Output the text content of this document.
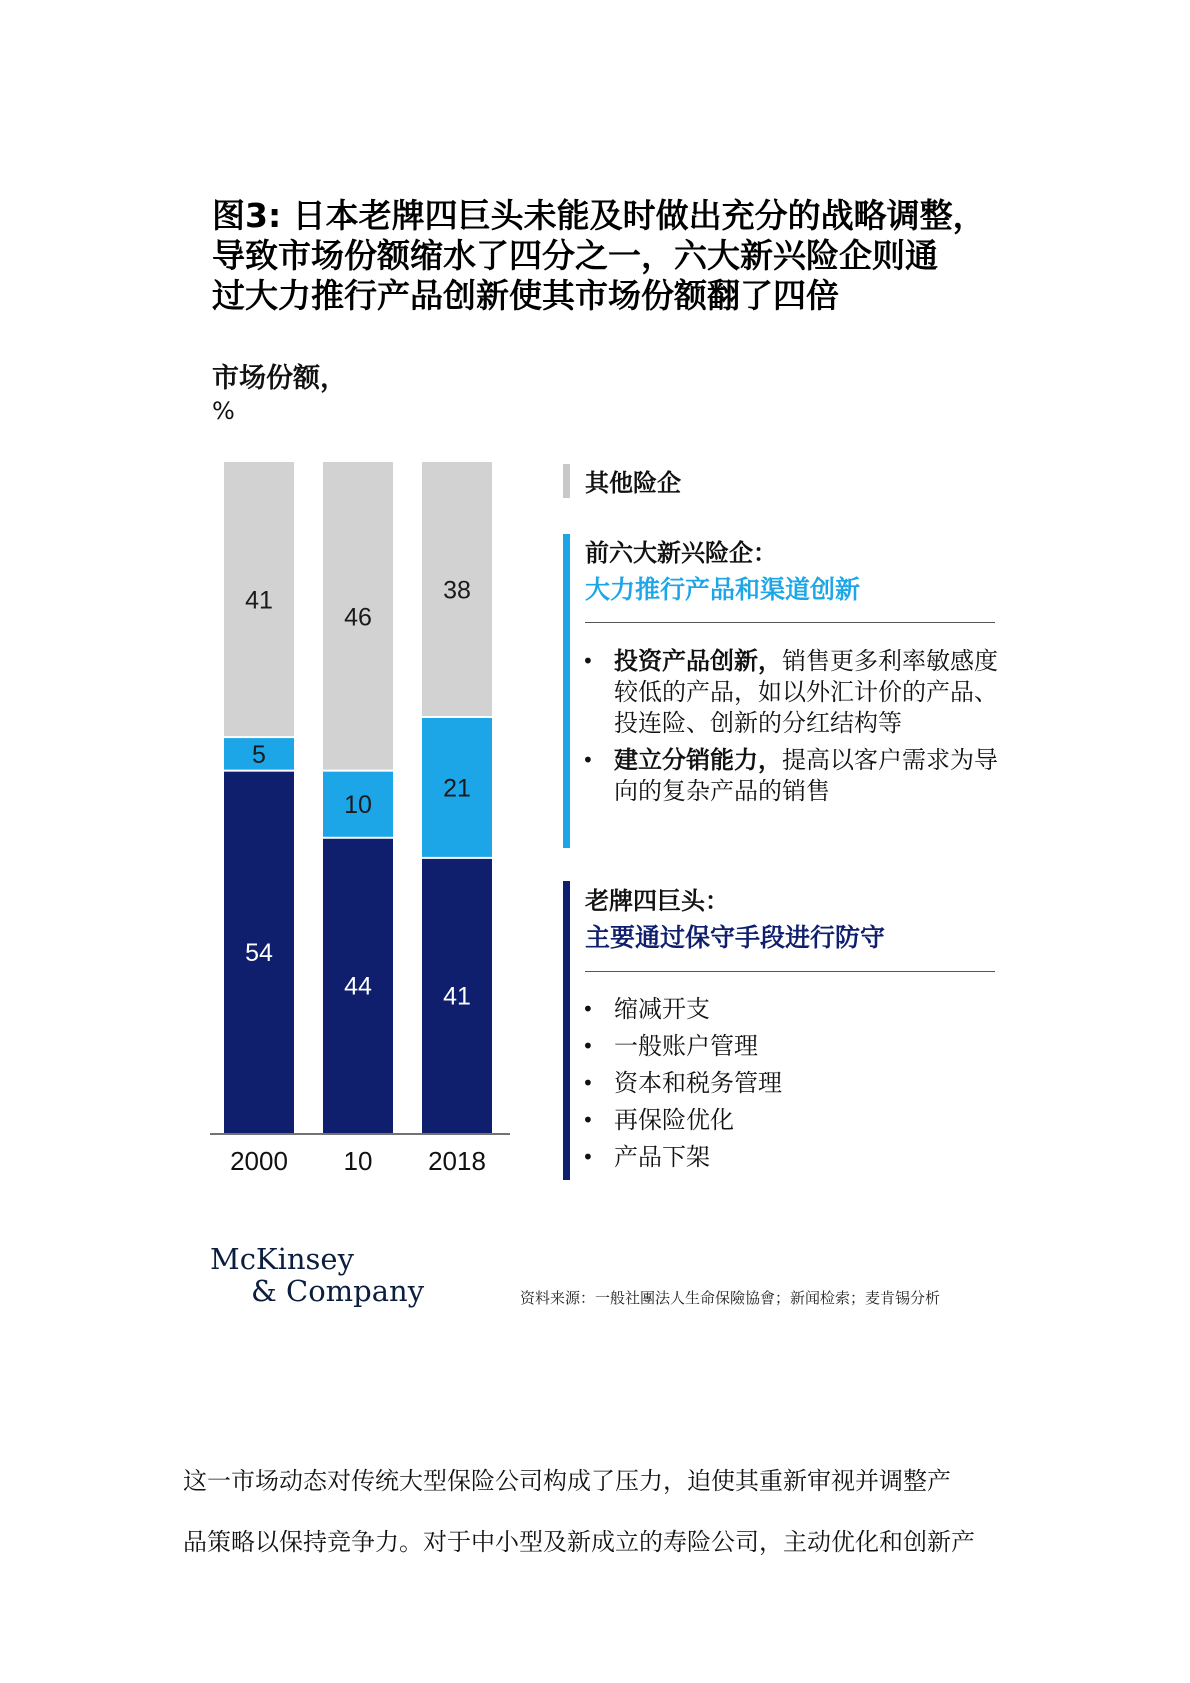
图3: 日本老牌四巨头未能及时做出充分的战略调整，
导致市场份额缩水了四分之一，六大新兴险企则通
过大力推行产品创新使其市场份额翻了四倍
市场份额，
%
54
5
41
44
10
46
41
21
38
2000 10 2018
其他险企
前六大新兴险企：
大力推行产品和渠道创新
• 投资产品创新，销售更多利率敏感度较低的产品，如以外汇计价的产品、投连险、创新的分红结构等
• 建立分销能力，提高以客户需求为导向的复杂产品的销售
老牌四巨头：
主要通过保守手段进行防守
• 缩减开支
• 一般账户管理
• 资本和税务管理
• 再保险优化
• 产品下架
McKinsey
& Company	资料来源：一般社團法人生命保險協會；新闻检索；麦肯锡分析
这一市场动态对传统大型保险公司构成了压力，迫使其重新审视并调整产
品策略以保持竞争力。对于中小型及新成立的寿险公司，主动优化和创新产
